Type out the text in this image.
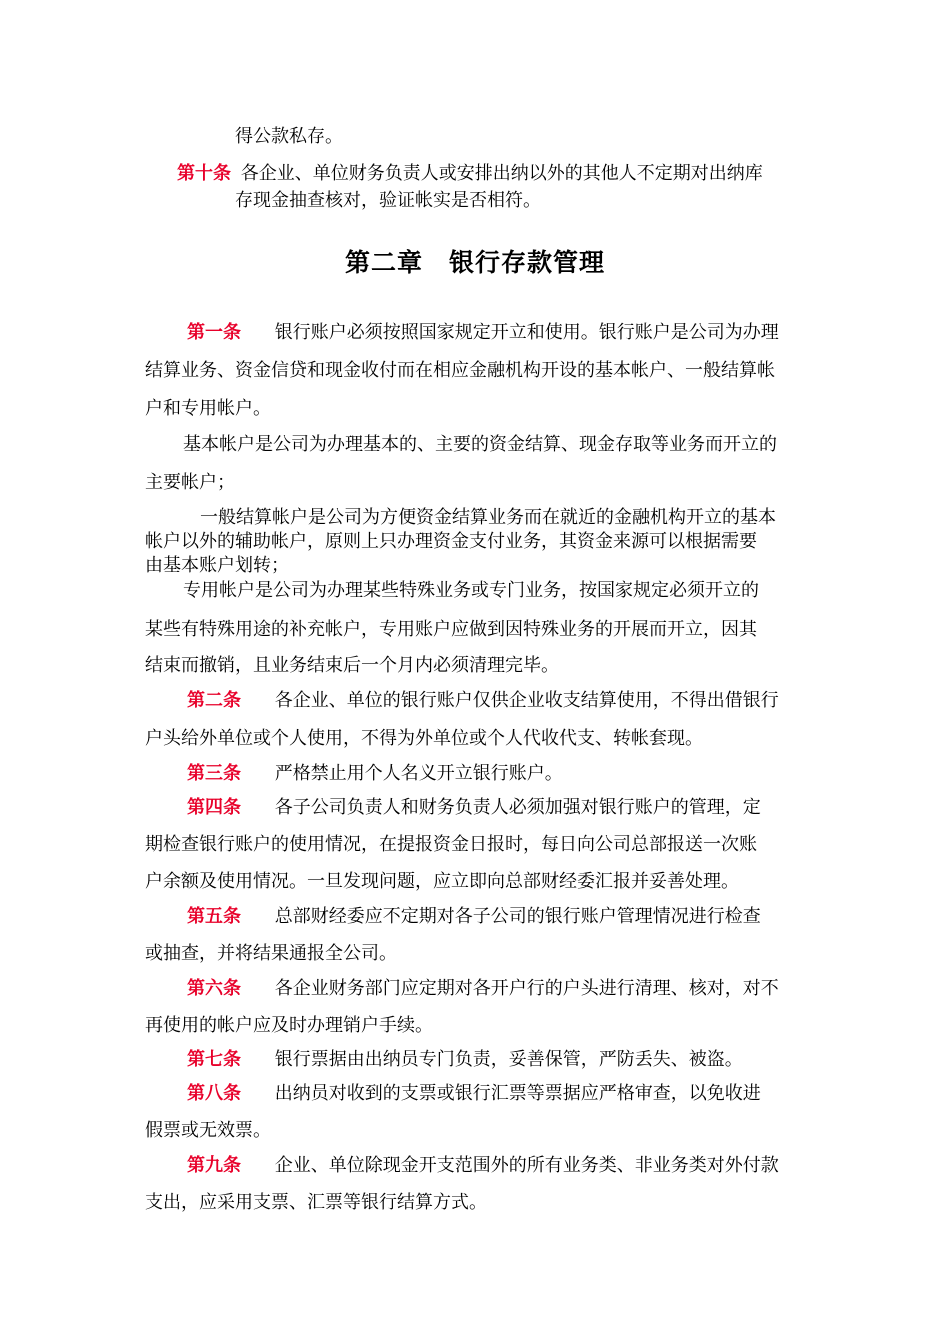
得公款私存。
第十条 各企业、单位财务负责人或安排出纳以外的其他人不定期对出纳库
存现金抽查核对，验证帐实是否相符。
第二章　银行存款管理
第一条 银行账户必须按照国家规定开立和使用。银行账户是公司为办理
结算业务、资金信贷和现金收付而在相应金融机构开设的基本帐户、一般结算帐
户和专用帐户。
基本帐户是公司为办理基本的、主要的资金结算、现金存取等业务而开立的
主要帐户；
一般结算帐户是公司为方便资金结算业务而在就近的金融机构开立的基本
帐户以外的辅助帐户，原则上只办理资金支付业务，其资金来源可以根据需要
由基本账户划转；
专用帐户是公司为办理某些特殊业务或专门业务，按国家规定必须开立的
某些有特殊用途的补充帐户，专用账户应做到因特殊业务的开展而开立，因其
结束而撤销，且业务结束后一个月内必须清理完毕。
第二条 各企业、单位的银行账户仅供企业收支结算使用，不得出借银行
户头给外单位或个人使用，不得为外单位或个人代收代支、转帐套现。
第三条 严格禁止用个人名义开立银行账户。
第四条 各子公司负责人和财务负责人必须加强对银行账户的管理，定
期检查银行账户的使用情况，在提报资金日报时，每日向公司总部报送一次账
户余额及使用情况。一旦发现问题，应立即向总部财经委汇报并妥善处理。
第五条 总部财经委应不定期对各子公司的银行账户管理情况进行检查
或抽查，并将结果通报全公司。
第六条 各企业财务部门应定期对各开户行的户头进行清理、核对，对不
再使用的帐户应及时办理销户手续。
第七条 银行票据由出纳员专门负责，妥善保管，严防丢失、被盗。
第八条 出纳员对收到的支票或银行汇票等票据应严格审查，以免收进
假票或无效票。
第九条 企业、单位除现金开支范围外的所有业务类、非业务类对外付款
支出，应采用支票、汇票等银行结算方式。
